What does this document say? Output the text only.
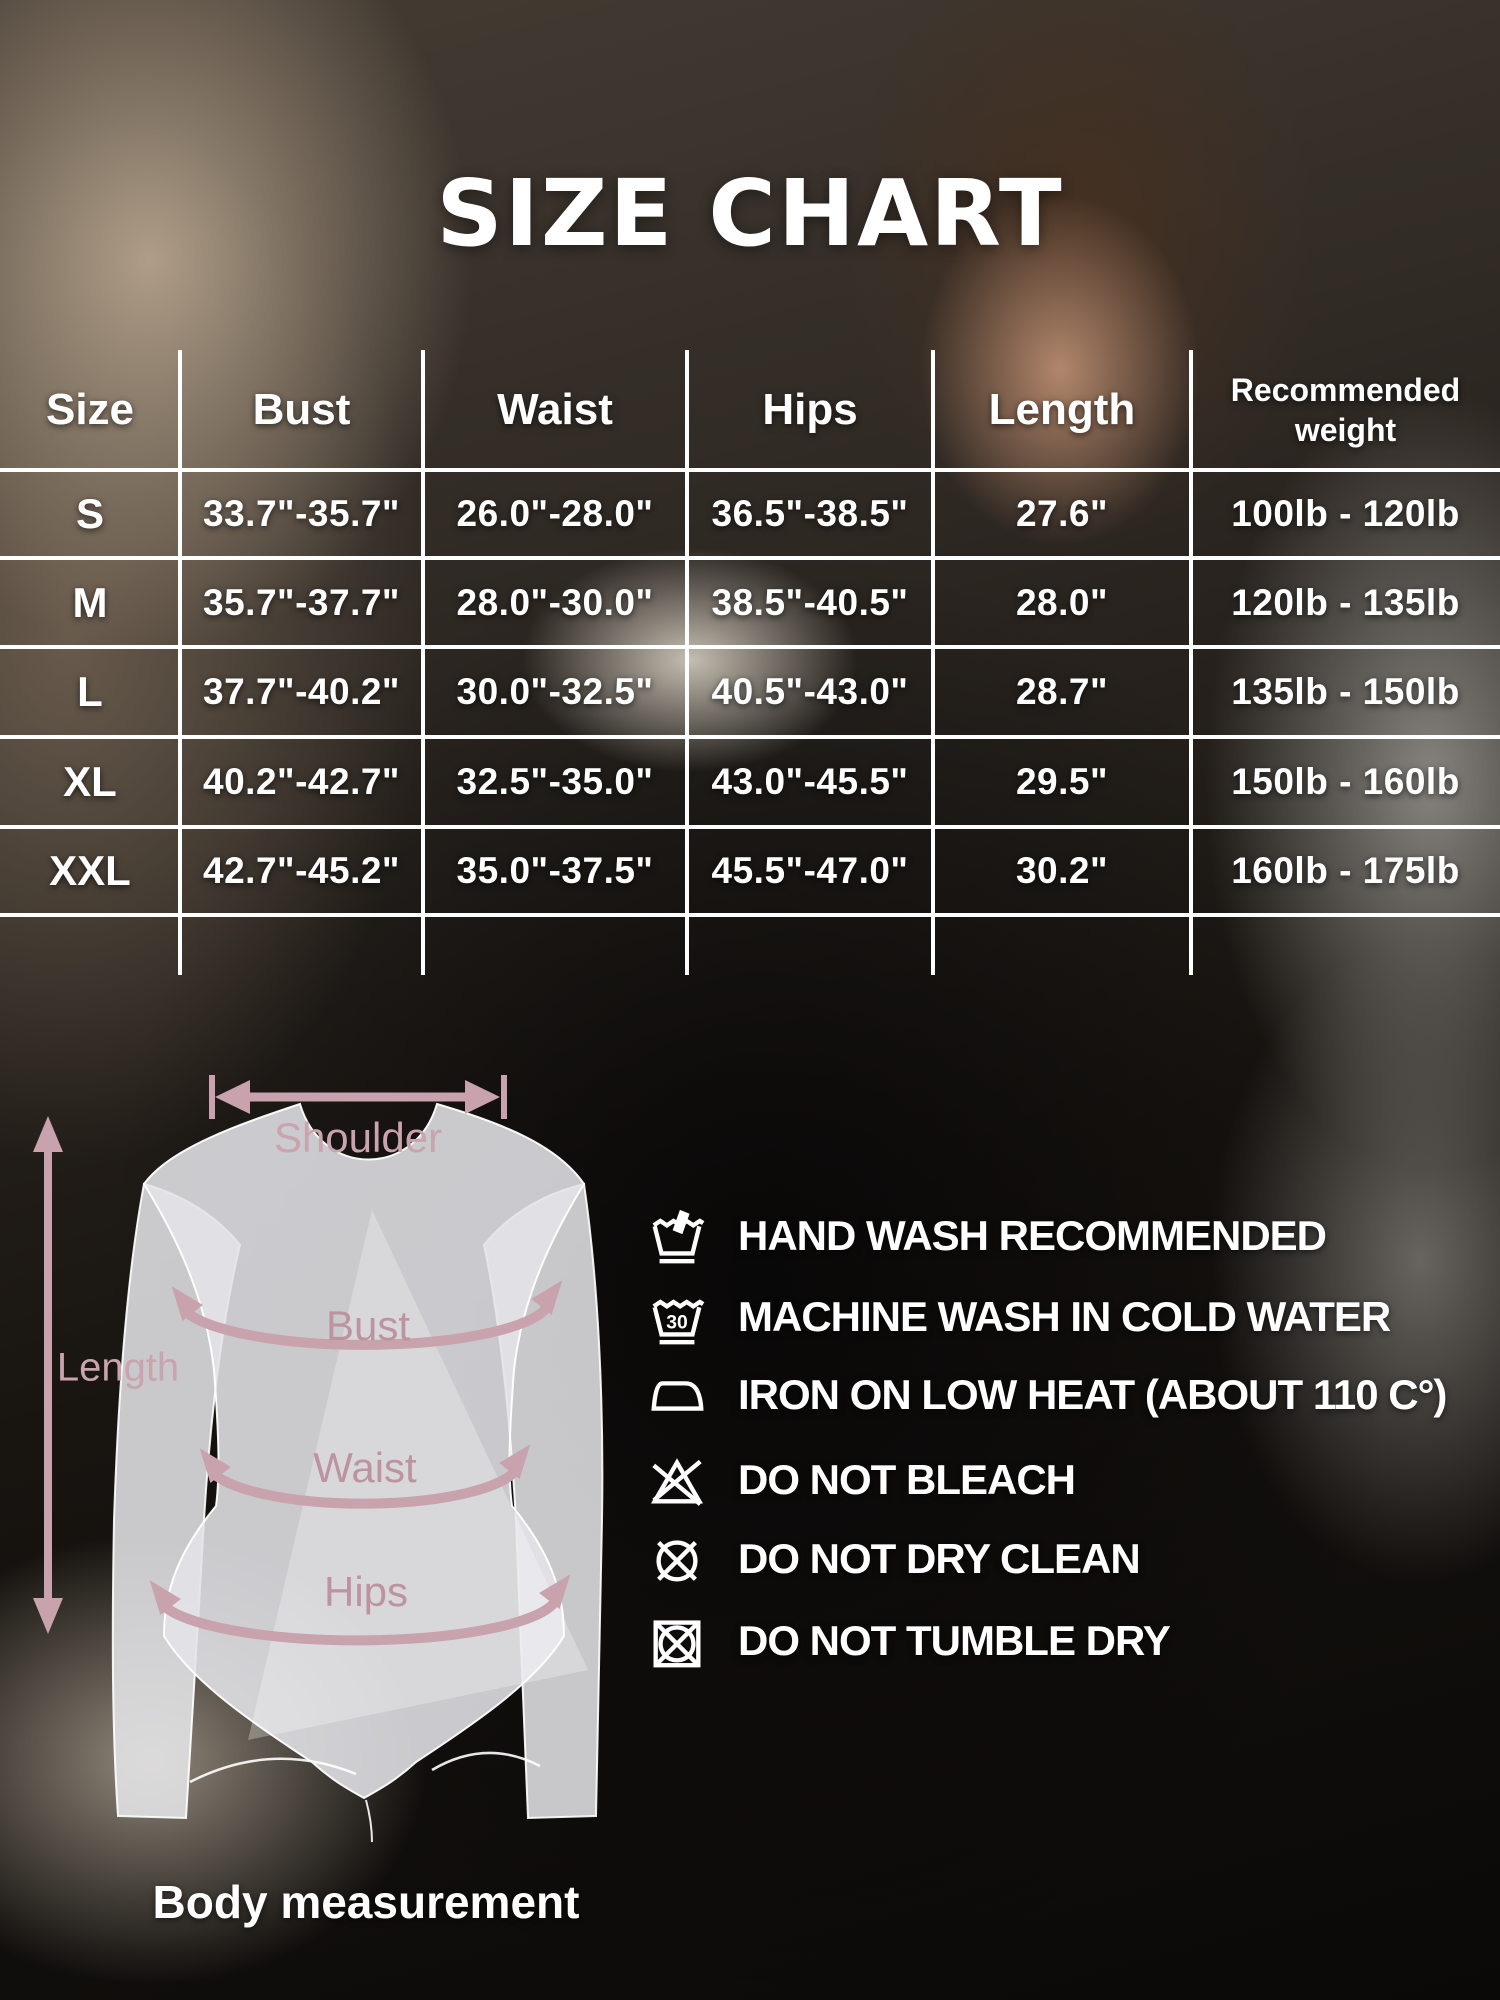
SIZE CHART
Size	Bust	Waist	Hips	Length	Recommended weight
S	33.7"-35.7"	26.0"-28.0"	36.5"-38.5"	27.6"	100lb - 120lb
M	35.7"-37.7"	28.0"-30.0"	38.5"-40.5"	28.0"	120lb - 135lb
L	37.7"-40.2"	30.0"-32.5"	40.5"-43.0"	28.7"	135lb - 150lb
XL	40.2"-42.7"	32.5"-35.0"	43.0"-45.5"	29.5"	150lb - 160lb
XXL	42.7"-45.2"	35.0"-37.5"	45.5"-47.0"	30.2"	160lb - 175lb
HAND WASH RECOMMENDED
30 MACHINE WASH IN COLD WATER
IRON ON LOW HEAT (ABOUT 110 C°)
DO NOT BLEACH
DO NOT DRY CLEAN
DO NOT TUMBLE DRY
Shoulder
Bust
Waist
Hips
Length
Body measurement
